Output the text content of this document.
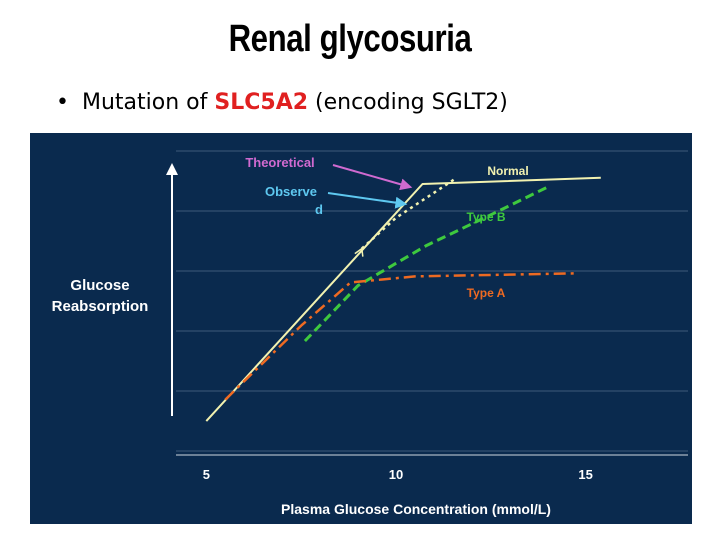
Renal glycosuria
• Mutation of SLC5A2 (encoding SGLT2)
5	10	15
Plasma Glucose Concentration (mmol/L)
Glucose Reabsorption
Normal
Type B
Type A
Theoretical
Observe d
